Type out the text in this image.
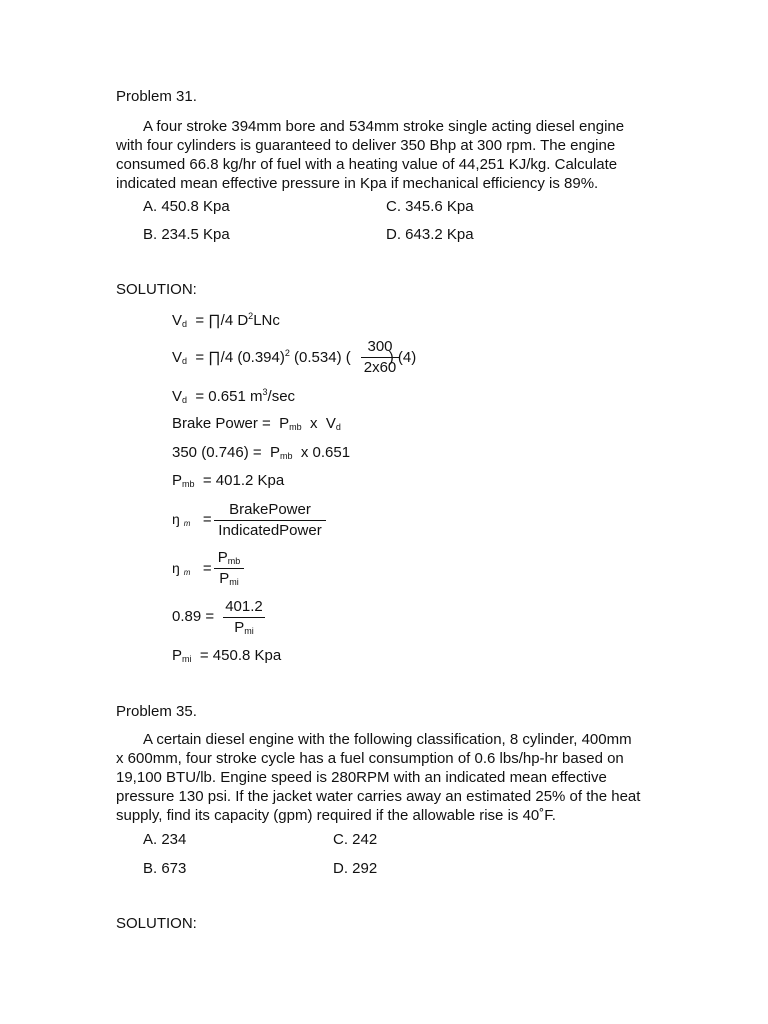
Problem 31.
A four stroke 394mm bore and 534mm stroke single acting diesel engine
with four cylinders is guaranteed to deliver 350 Bhp at 300 rpm. The engine
consumed 66.8 kg/hr of fuel with a heating value of 44,251 KJ/kg. Calculate
indicated mean effective pressure in Kpa if mechanical efficiency is 89%.
A. 450.8 Kpa	C. 345.6 Kpa
B. 234.5 Kpa	D. 643.2 Kpa
SOLUTION:
$V_d$ = ∏/4 $D^2LNc$
$V_d$ = ∏/4 $(0.394)^2$ (0.534) (	) (4)
300
2x60
$V_d = 0.651$ $m^3/\sec$
Brake Power = $P_{mb}$ x $V_d$
350 $(0.746) = P_{mb}$ x 0.651
$P_{mb} = 401.2$ Kpa
ŋ $_m$ =
BrakePower
IndicatedPower
ŋ $_m$ =
$P_{mb}$
$P_{mi}$
0.89 =
401.2
$P_{mi}$
$P_{mi} = 450.8$ Kpa
Problem 35.
A certain diesel engine with the following classification, 8 cylinder, 400mm
x 600mm, four stroke cycle has a fuel consumption of 0.6 lbs/hp-hr based on
19,100 BTU/lb. Engine speed is 280RPM with an indicated mean effective
pressure 130 psi. If the jacket water carries away an estimated 25% of the heat
supply, find its capacity (gpm) required if the allowable rise is 40˚F.
A. 234	C. 242
B. 673	D. 292
SOLUTION:
